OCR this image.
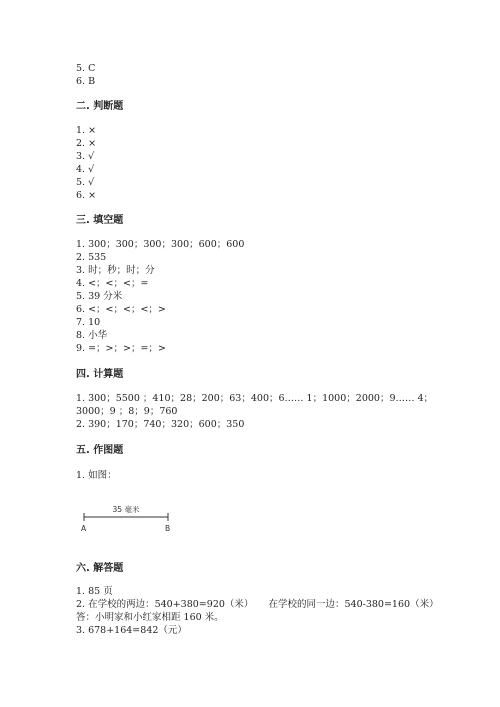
5. C
6. B
二. 判断题
1. ×
2. ×
3. √
4. √
5. √
6. ×
三. 填空题
1. 300；300；300；300；600；600
2. 535
3. 时；秒；时；分
4. <；<；<；=
5. 39 分米
6. <；<；<；<；>
7. 10
8. 小华
9. =；>；>；=；>
四. 计算题
1. 300；5500 ；410；28；200；63；400；6…… 1；1000；2000；9…… 4；
3000；9 ；8；9；760
2. 390；170；740；320；600；350
五. 作图题
1. 如图：
35 毫米
A	B
六. 解答题
1. 85 页
2. 在学校的两边：540+380=920（米）     在学校的同一边：540-380=160（米）
答：小明家和小红家相距 160 米。
3. 678+164=842（元）
